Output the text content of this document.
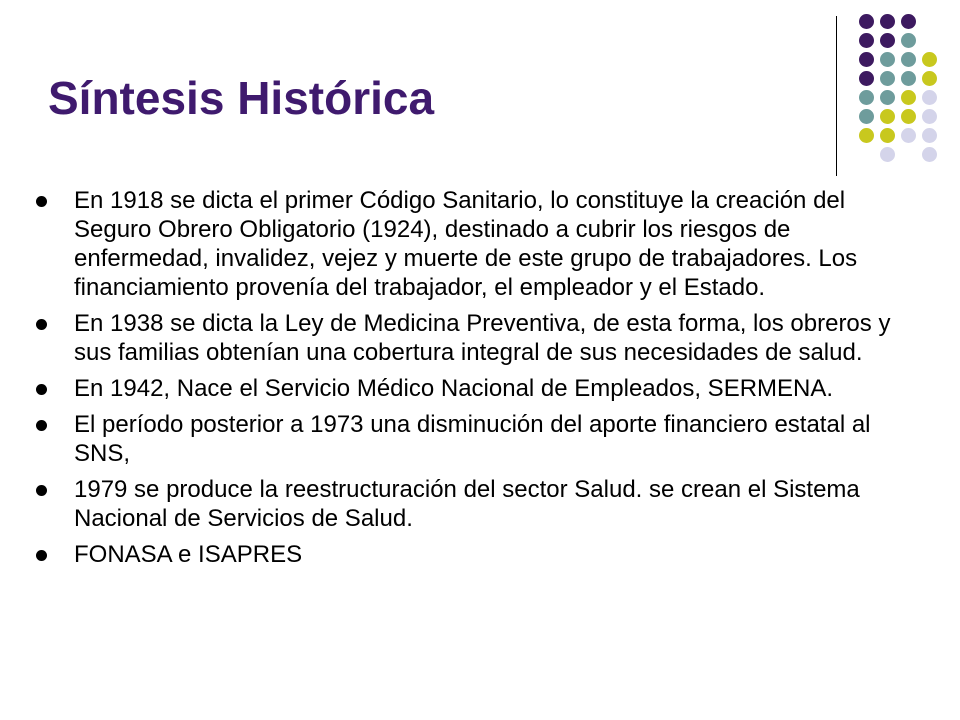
Síntesis Histórica
En 1918 se dicta el primer Código Sanitario, lo constituye la creación del Seguro Obrero Obligatorio (1924), destinado a cubrir los riesgos de enfermedad, invalidez, vejez y muerte de este grupo de trabajadores. Los financiamiento provenía del trabajador, el empleador y el Estado.
En 1938 se dicta la Ley de Medicina Preventiva, de esta forma, los obreros y sus familias obtenían una cobertura integral de sus necesidades de salud.
En 1942, Nace el Servicio Médico Nacional de Empleados, SERMENA.
El período posterior a 1973 una disminución del aporte financiero estatal al SNS,
1979 se produce la reestructuración del sector Salud. se crean el Sistema Nacional de Servicios de Salud.
FONASA e ISAPRES
